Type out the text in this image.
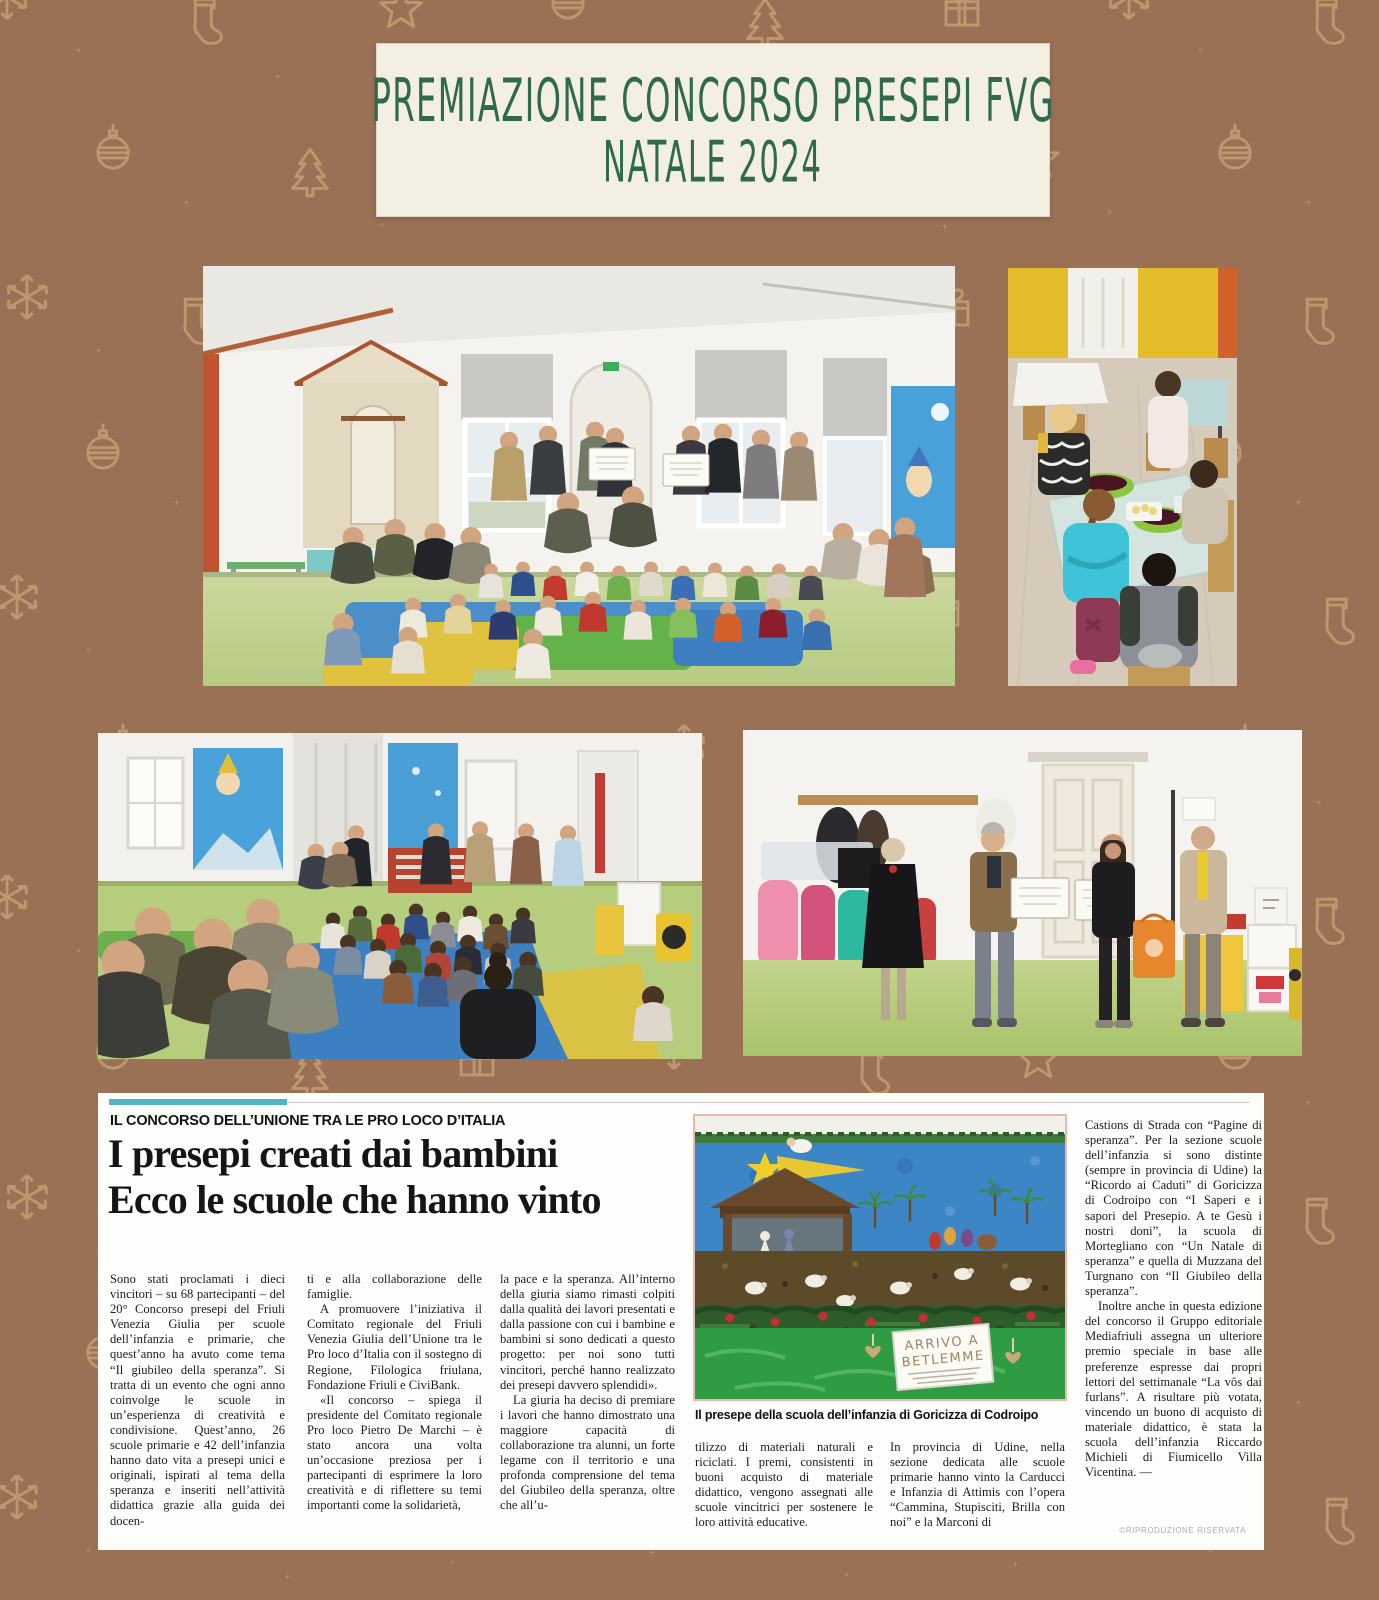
PREMIAZIONE CONCORSO PRESEPI FVG
NATALE 2024
IL CONCORSO DELL’UNIONE TRA LE PRO LOCO D’ITALIA
I presepi creati dai bambini
Ecco le scuole che hanno vinto

Sono stati proclamati i dieci vincitori – su 68 partecipanti – del 20° Concorso presepi del Friuli Venezia Giulia per scuole dell’infanzia e primarie, che quest’anno ha avuto come tema “Il giubileo della speranza”. Si tratta di un evento che ogni anno coinvolge le scuole in un’esperienza di creatività e condivisione. Quest’anno, 26 scuole primarie e 42 dell’infanzia hanno dato vita a presepi unici e originali, ispirati al tema della speranza e inseriti nell’attività didattica grazie alla guida dei docen-

ti e alla collaborazione delle famiglie.

A promuovere l’iniziativa il Comitato regionale del Friuli Venezia Giulia dell’Unione tra le Pro loco d’Italia con il sostegno di Regione, Filologica friulana, Fondazione Friuli e CiviBank.

«Il concorso – spiega il presidente del Comitato regionale Pro loco Pietro De Marchi – è stato ancora una volta un’occasione preziosa per i partecipanti di esprimere la loro creatività e di riflettere su temi importanti come la solidarietà,

la pace e la speranza. All’interno della giuria siamo rimasti colpiti dalla qualità dei lavori presentati e dalla passione con cui i bambine e bambini si sono dedicati a questo progetto: per noi sono tutti vincitori, perché hanno realizzato dei presepi davvero splendidi».

La giuria ha deciso di premiare i lavori che hanno dimostrato una maggiore capacità di collaborazione tra alunni, un forte legame con il territorio e una profonda comprensione del tema del Giubileo della speranza, oltre che all’u-

ARRIVO A
BETLEMME
Il presepe della scuola dell’infanzia di Goricizza di Codroipo

tilizzo di materiali naturali e riciclati. I premi, consistenti in buoni acquisto di materiale didattico, vengono assegnati alle scuole vincitrici per sostenere le loro attività educative.

In provincia di Udine, nella sezione dedicata alle scuole primarie hanno vinto la Carducci e Infanzia di Attimis con l’opera “Cammina, Stupisciti, Brilla con noi” e la Marconi di

Castions di Strada con “Pagine di speranza”. Per la sezione scuole dell’infanzia si sono distinte (sempre in provincia di Udine) la “Ricordo ai Caduti” di Goricizza di Codroipo con “I Saperi e i sapori del Presepio. A te Gesù i nostri doni”, la scuola di Mortegliano con “Un Natale di speranza” e quella di Muzzana del Turgnano con “Il Giubileo della speranza”.

Inoltre anche in questa edizione del concorso il Gruppo editoriale Mediafriuli assegna un ulteriore premio speciale in base alle preferenze espresse dai propri lettori del settimanale “La vôs dai furlans”. A risultare più votata, vincendo un buono di acquisto di materiale didattico, è stata la scuola dell’infanzia Riccardo Michieli di Fiumicello Villa Vicentina. —

©RIPRODUZIONE RISERVATA
